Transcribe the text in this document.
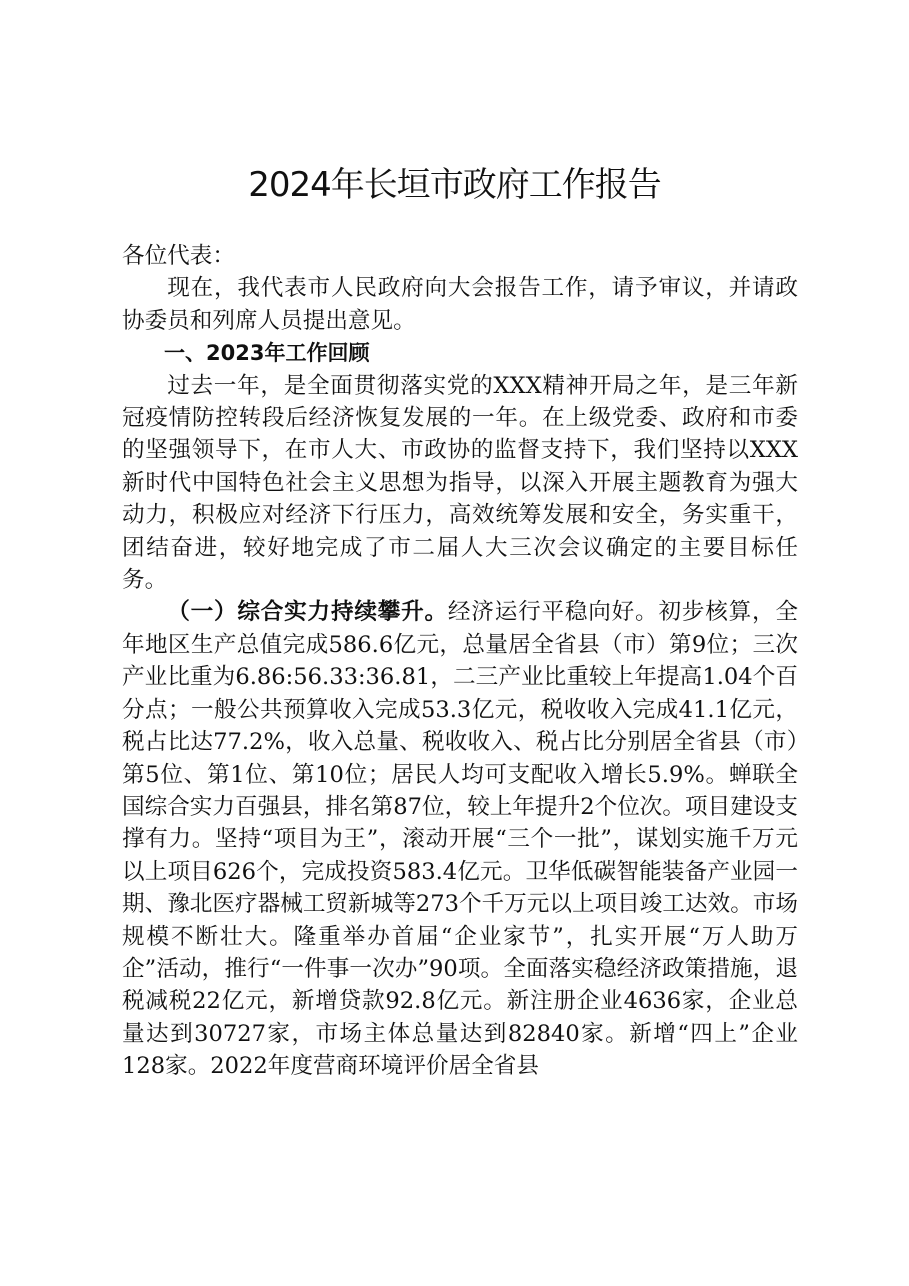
2024年长垣市政府工作报告

各位代表：

现在，我代表市人民政府向大会报告工作，请予审议，并请政协委员和列席人员提出意见。

一、2023年工作回顾

过去一年，是全面贯彻落实党的XXX精神开局之年，是三年新冠疫情防控转段后经济恢复发展的一年。在上级党委、政府和市委的坚强领导下，在市人大、市政协的监督支持下，我们坚持以XXX新时代中国特色社会主义思想为指导，以深入开展主题教育为强大动力，积极应对经济下行压力，高效统筹发展和安全，务实重干，团结奋进，较好地完成了市二届人大三次会议确定的主要目标任务。

（一）综合实力持续攀升。经济运行平稳向好。初步核算，全年地区生产总值完成586.6亿元，总量居全省县（市）第9位；三次产业比重为6.86:56.33:36.81，二三产业比重较上年提高1.04个百分点；一般公共预算收入完成53.3亿元，税收收入完成41.1亿元，税占比达77.2%，收入总量、税收收入、税占比分别居全省县（市）第5位、第1位、第10位；居民人均可支配收入增长5.9%。蝉联全国综合实力百强县，排名第87位，较上年提升2个位次。项目建设支撑有力。坚持“项目为王”，滚动开展“三个一批”，谋划实施千万元以上项目626个，完成投资583.4亿元。卫华低碳智能装备产业园一期、豫北医疗器械工贸新城等273个千万元以上项目竣工达效。市场规模不断壮大。隆重举办首届“企业家节”，扎实开展“万人助万企”活动，推行“一件事一次办”90项。全面落实稳经济政策措施，退税减税22亿元，新增贷款92.8亿元。新注册企业4636家，企业总量达到30727家，市场主体总量达到82840家。新增“四上”企业128家。2022年度营商环境评价居全省县
